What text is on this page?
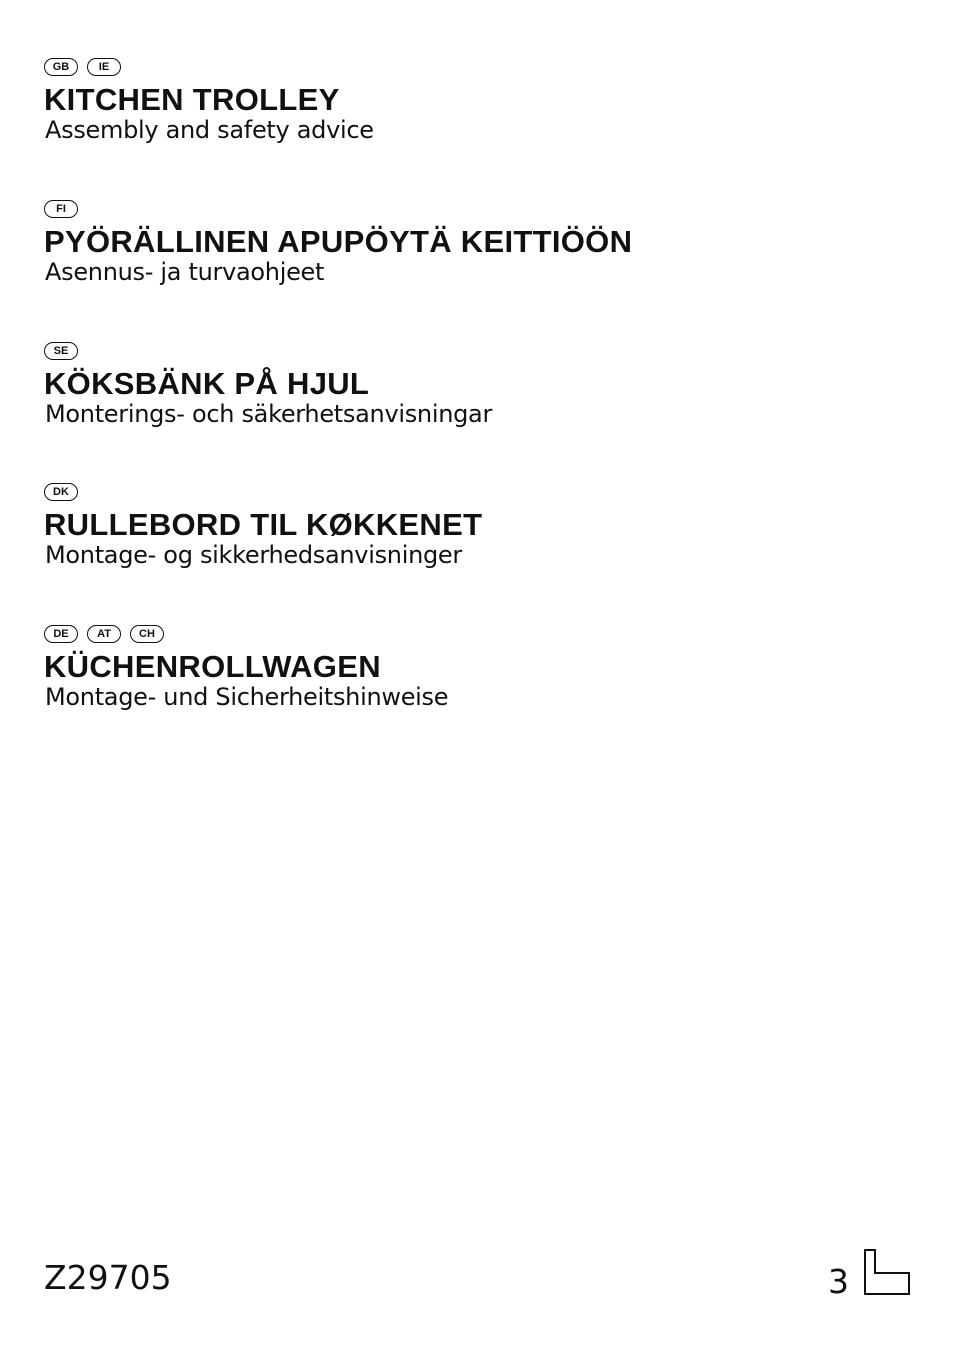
GB	IE
KITCHEN TROLLEY
Assembly and safety advice
FI
PYÖRÄLLINEN APUPÖYTÄ KEITTIÖÖN
Asennus- ja turvaohjeet
SE
KÖKSBÄNK PÅ HJUL
Monterings- och säkerhetsanvisningar
DK
RULLEBORD TIL KØKKENET
Montage- og sikkerhedsanvisninger
DE	AT	CH
KÜCHENROLLWAGEN
Montage- und Sicherheitshinweise
Z29705	3
